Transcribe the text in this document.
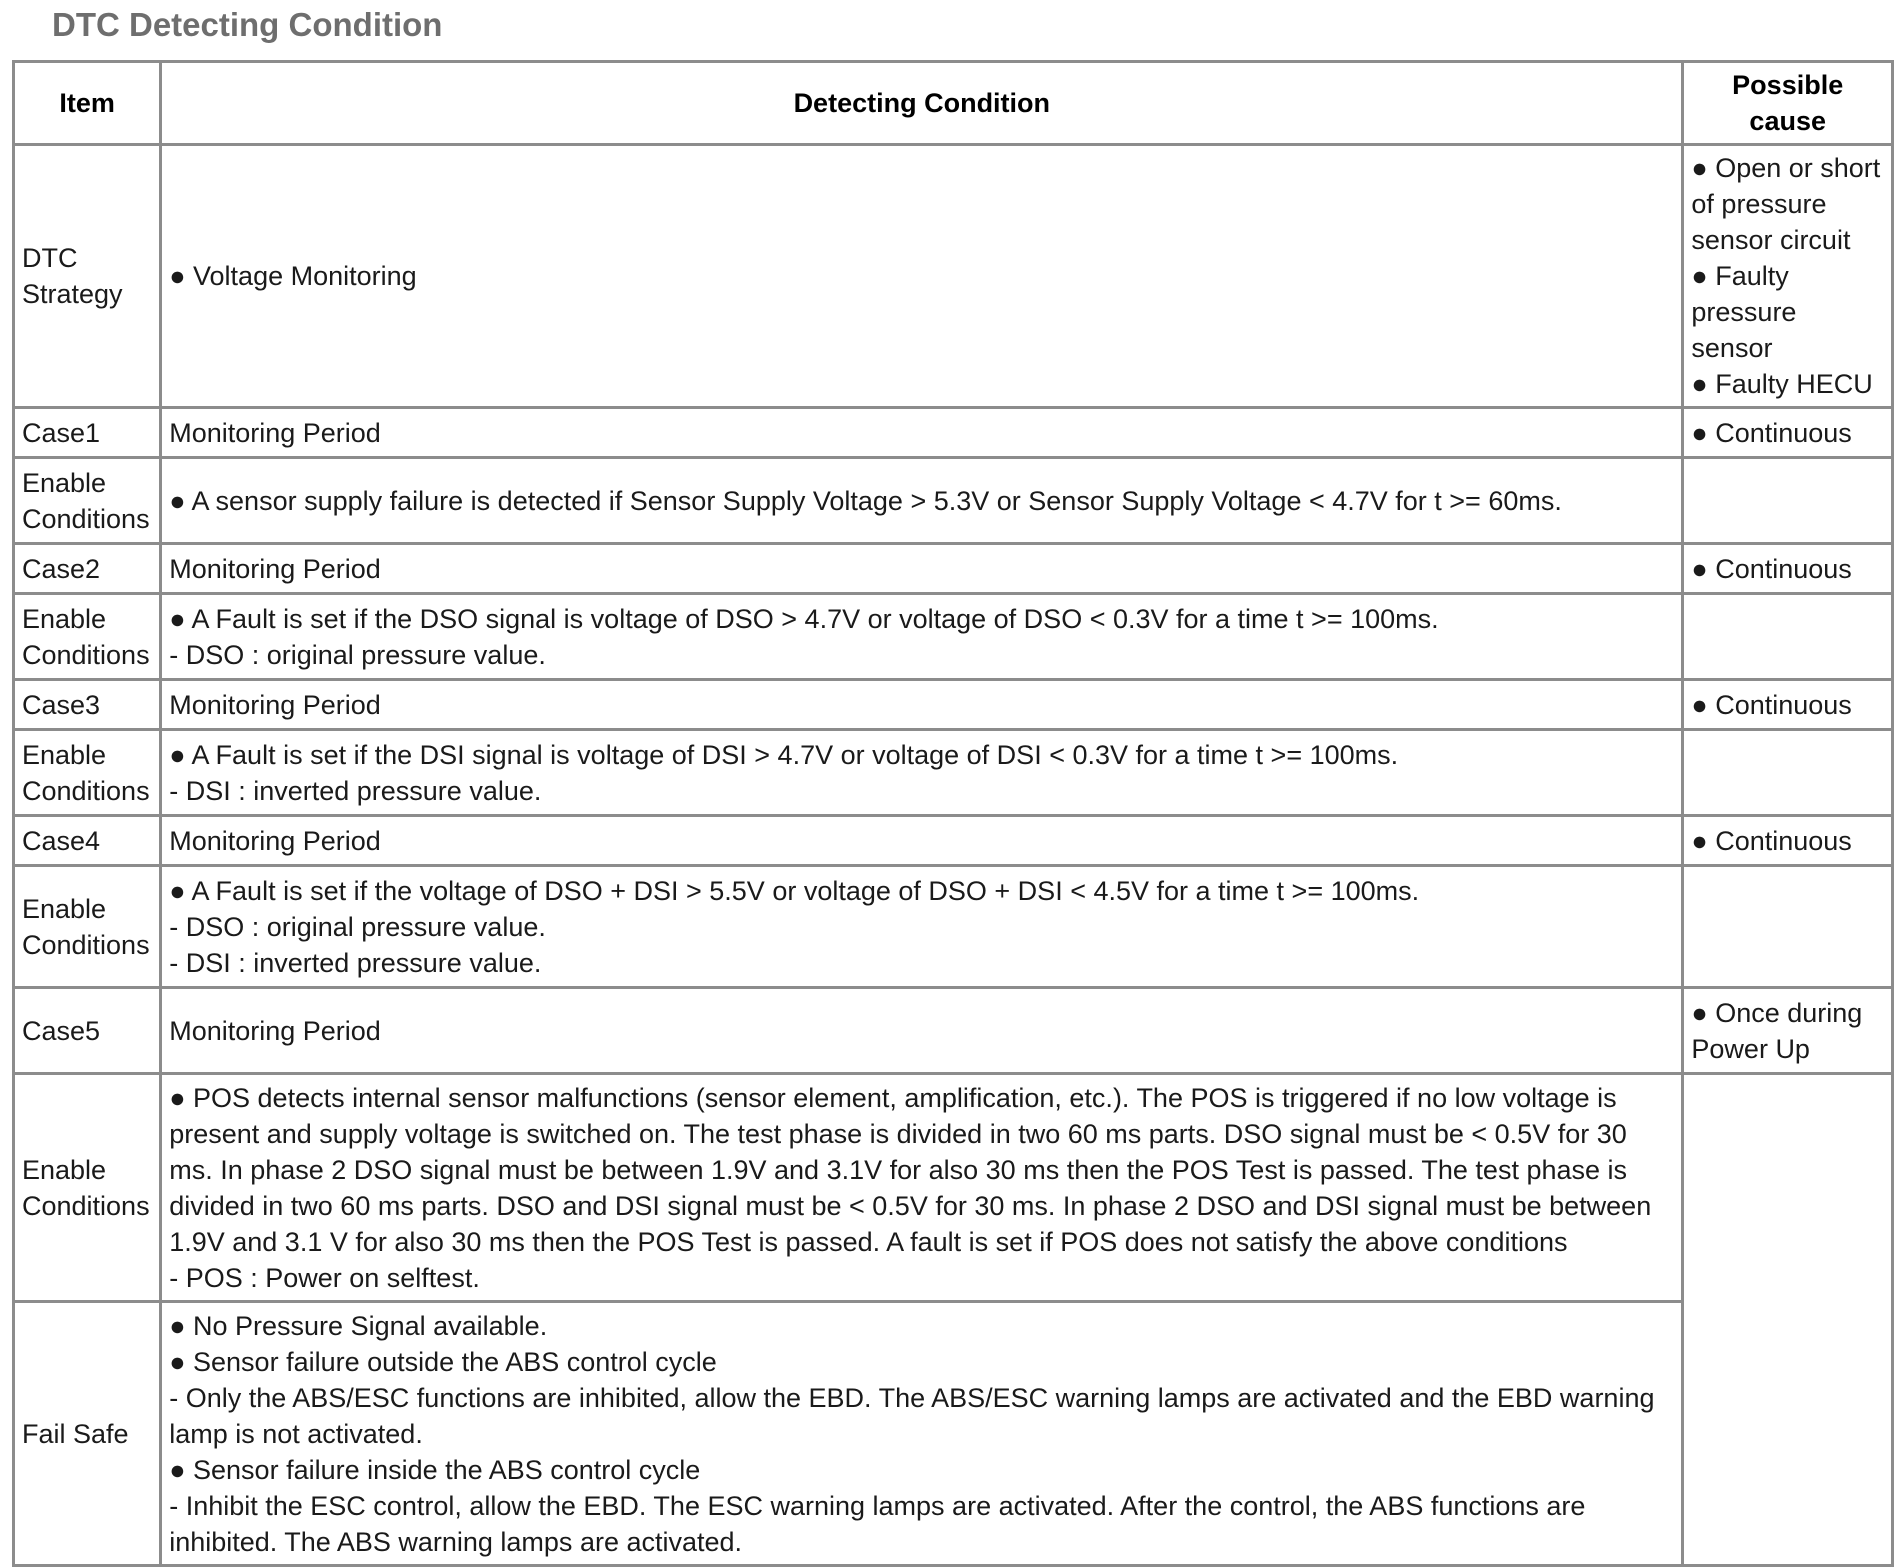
DTC Detecting Condition
Item	Detecting Condition	Possible cause
DTC Strategy	● Voltage Monitoring	● Open or short of pressure sensor circuit
● Faulty pressure sensor
● Faulty HECU

Case1	Monitoring Period	● Continuous
Enable Conditions	● A sensor supply failure is detected if Sensor Supply Voltage > 5.3V or Sensor Supply Voltage < 4.7V for t >= 60ms.	

Case2	Monitoring Period	● Continuous
Enable Conditions	● A Fault is set if the DSO signal is voltage of DSO > 4.7V or voltage of DSO < 0.3V for a time t >= 100ms.
- DSO : original pressure value.	

Case3	Monitoring Period	● Continuous
Enable Conditions	● A Fault is set if the DSI signal is voltage of DSI > 4.7V or voltage of DSI < 0.3V for a time t >= 100ms.
- DSI : inverted pressure value.	

Case4	Monitoring Period	● Continuous
Enable Conditions	● A Fault is set if the voltage of DSO + DSI > 5.5V or voltage of DSO + DSI < 4.5V for a time t >= 100ms.
- DSO : original pressure value.
- DSI : inverted pressure value.	

Case5	Monitoring Period	● Once during Power Up
Enable Conditions	● POS detects internal sensor malfunctions (sensor element, amplification, etc.). The POS is triggered if no low voltage is present and supply voltage is switched on. The test phase is divided in two 60 ms parts. DSO signal must be < 0.5V for 30 ms. In phase 2 DSO signal must be between 1.9V and 3.1V for also 30 ms then the POS Test is passed. The test phase is divided in two 60 ms parts. DSO and DSI signal must be < 0.5V for 30 ms. In phase 2 DSO and DSI signal must be between 1.9V and 3.1 V for also 30 ms then the POS Test is passed. A fault is set if POS does not satisfy the above conditions
- POS : Power on selftest.	

Fail Safe	● No Pressure Signal available.
● Sensor failure outside the ABS control cycle
- Only the ABS/ESC functions are inhibited, allow the EBD. The ABS/ESC warning lamps are activated and the EBD warning lamp is not activated.
● Sensor failure inside the ABS control cycle
- Inhibit the ESC control, allow the EBD. The ESC warning lamps are activated. After the control, the ABS functions are inhibited. The ABS warning lamps are activated.	
